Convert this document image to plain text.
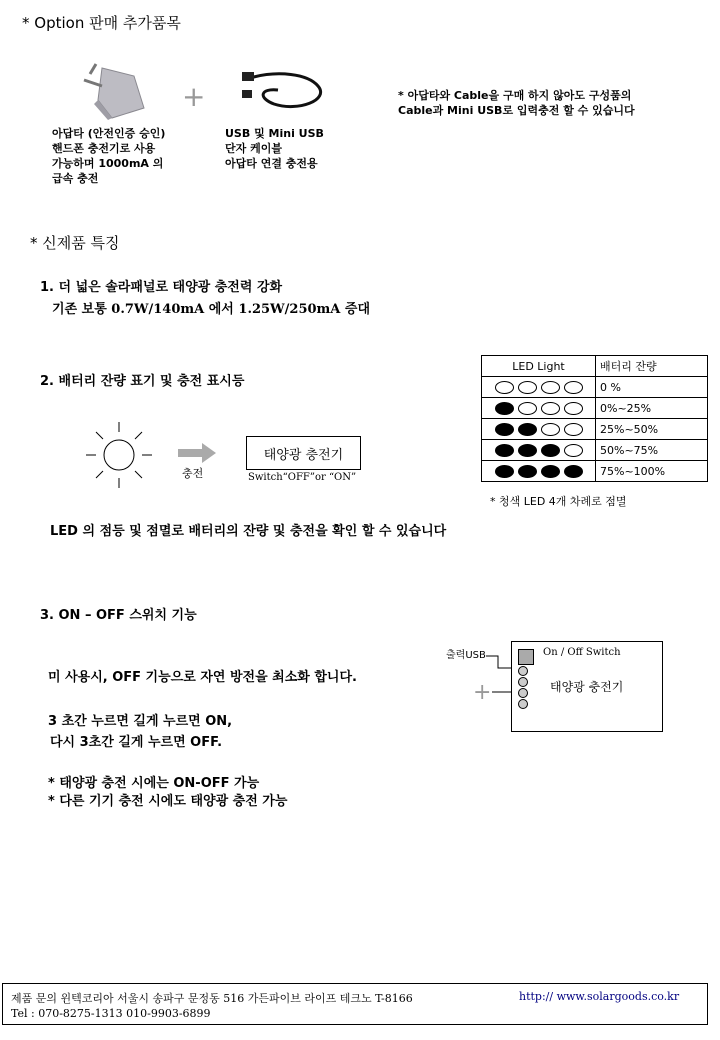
* Option 판매 추가품목
+
아답타 (안전인증 승인)
핸드폰 충전기로 사용
가능하며 1000mA 의
급속 충전
USB 및 Mini USB
단자 케이블
아답타 연결 충전용
* 아답타와 Cable을 구매 하지 않아도 구성품의
Cable과 Mini USB로 입력충전 할 수 있습니다
* 신제품 특징
1. 더 넓은 솔라패널로 태양광 충전력 강화
기존 보통 0.7W/140mA 에서 1.25W/250mA 증대
2. 배터리 잔량 표기 및 충전 표시등
충전
태양광 충전기
Switch“OFF”or “ON”
LED Light	배터리 잔량
	0 %
	0%~25%
	25%~50%
	50%~75%
	75%~100%
* 청색 LED 4개 차례로 점멸
LED 의 점등 및 점멸로 배터리의 잔량 및 충전을 확인 할 수 있습니다
3. ON – OFF 스위치 기능
미 사용시, OFF 기능으로 자연 방전을 최소화 합니다.
3 초간 누르면 길게 누르면 ON,
다시 3초간 길게 누르면 OFF.
* 태양광 충전 시에는 ON-OFF 가능
* 다른 기기 충전 시에도 태양광 충전 가능
출력USB	On / Off Switch
태양광 충전기
+
제품 문의 윈텍코리아 서울시 송파구 문정동 516 가든파이브 라이프 테크노 T-8166	http:// www.solargoods.co.kr
Tel : 070-8275-1313 010-9903-6899
